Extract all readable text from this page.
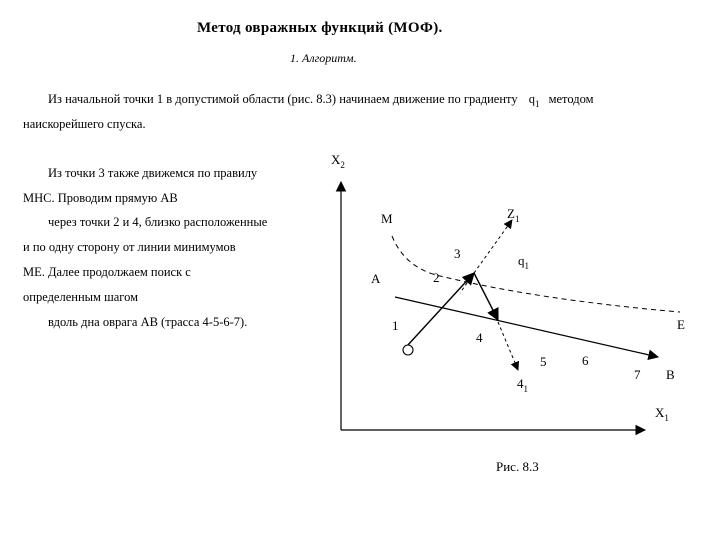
Метод овражных функций (МОФ).
1. Алгоритм.
Из начальной точки 1 в допустимой области (рис. 8.3) начинаем движение по градиенту $q_1$ методом
наискорейшего спуска.
Из точки 3 также движемся по правилу
МНС. Проводим прямую АВ
через точки 2 и 4, близко расположенные
и по одну сторону от линии минимумов
МЕ. Далее продолжаем поиск с
определенным шагом
вдоль дна оврага АВ (трасса 4-5-6-7).
$X_2$
$X_1$
М
А
Е
В
$Z_1$
$q_1$
3
2
1
4
5	6
7
$4_1$
Рис. 8.3
